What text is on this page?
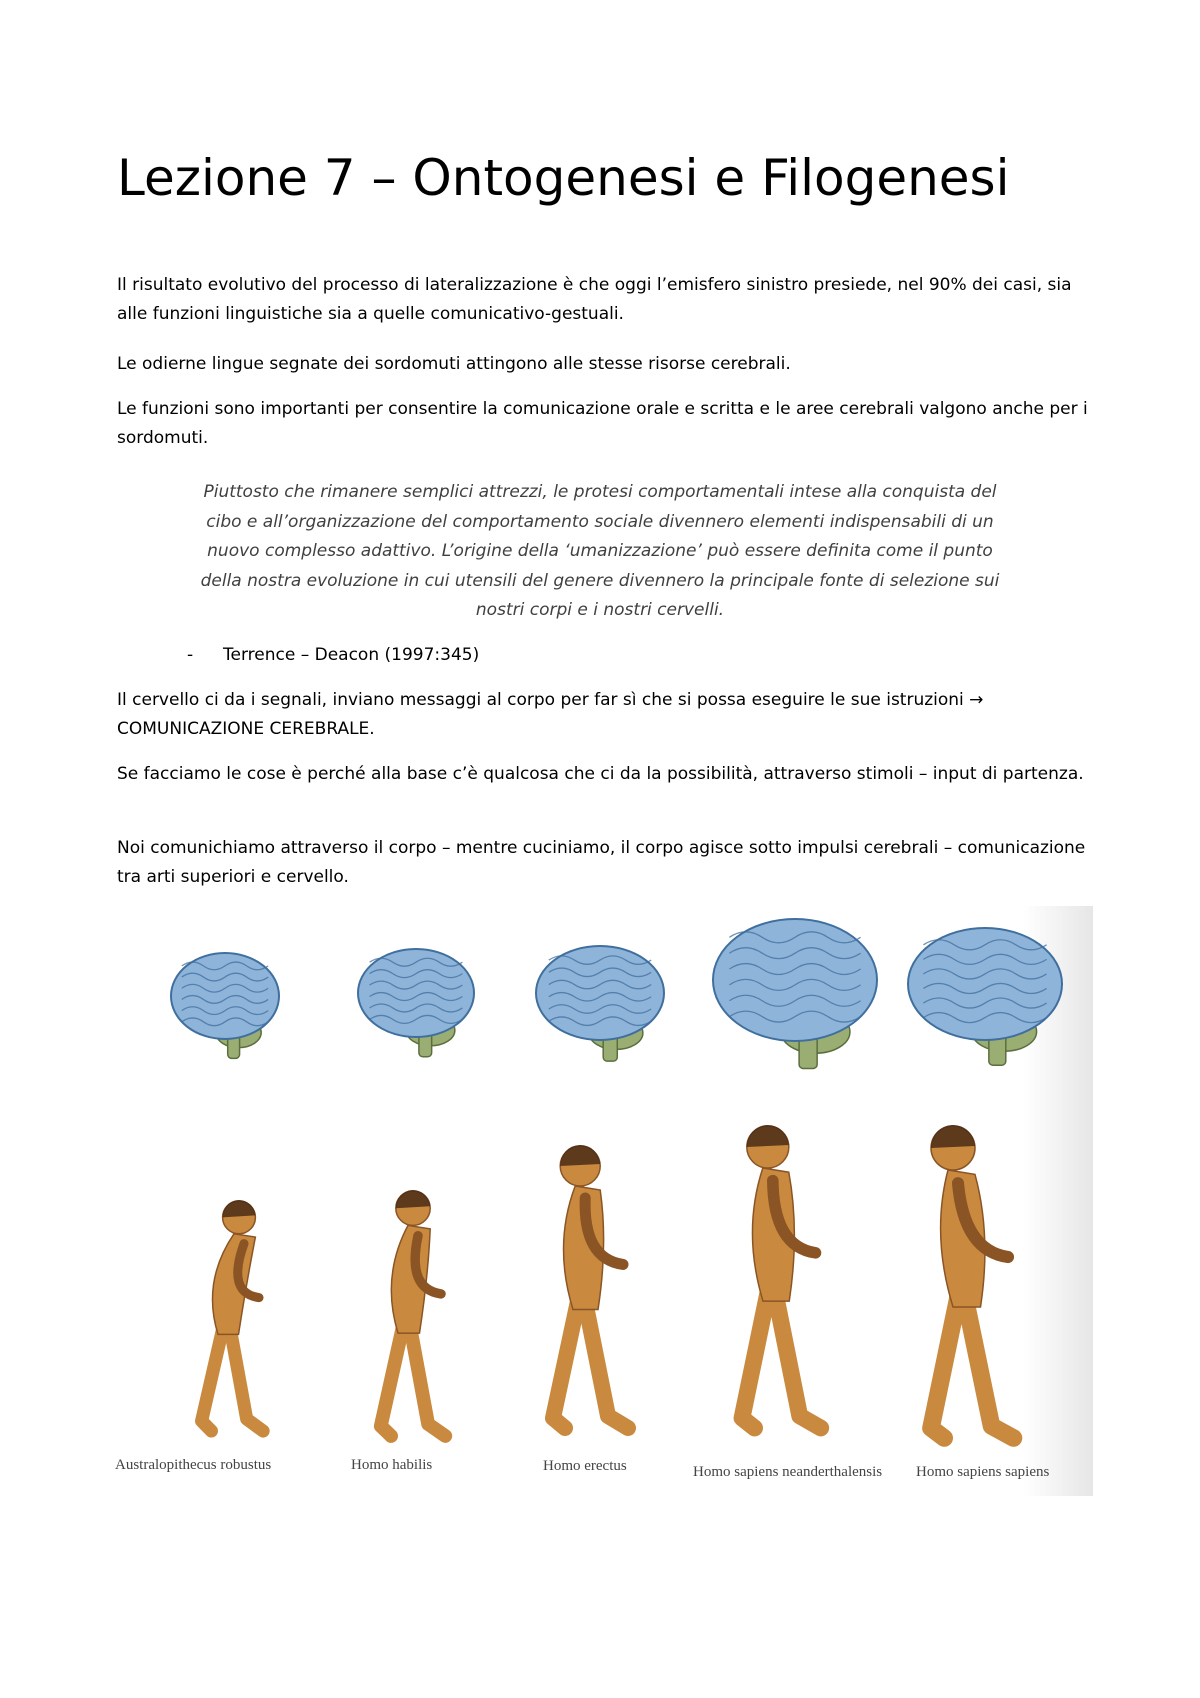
Lezione 7 – Ontogenesi e Filogenesi

Il risultato evolutivo del processo di lateralizzazione è che oggi l’emisfero sinistro presiede, nel 90% dei casi, sia alle funzioni linguistiche sia a quelle comunicativo-gestuali.

Le odierne lingue segnate dei sordomuti attingono alle stesse risorse cerebrali.

Le funzioni sono importanti per consentire la comunicazione orale e scritta e le aree cerebrali valgono anche per i sordomuti.

Piuttosto che rimanere semplici attrezzi, le protesi comportamentali intese alla conquista del cibo e all’organizzazione del comportamento sociale divennero elementi indispensabili di un nuovo complesso adattivo. L’origine della ‘umanizzazione’ può essere definita come il punto della nostra evoluzione in cui utensili del genere divennero la principale fonte di selezione sui nostri corpi e i nostri cervelli.

- Terrence – Deacon (1997:345)

Il cervello ci da i segnali, inviano messaggi al corpo per far sì che si possa eseguire le sue istruzioni → COMUNICAZIONE CEREBRALE.

Se facciamo le cose è perché alla base c’è qualcosa che ci da la possibilità, attraverso stimoli – input di partenza.

Noi comunichiamo attraverso il corpo – mentre cuciniamo, il corpo agisce sotto impulsi cerebrali – comunicazione tra arti superiori e cervello.

Australopithecus robustus	Homo habilis	Homo erectus	Homo sapiens neanderthalensis Homo sapiens sapiens
